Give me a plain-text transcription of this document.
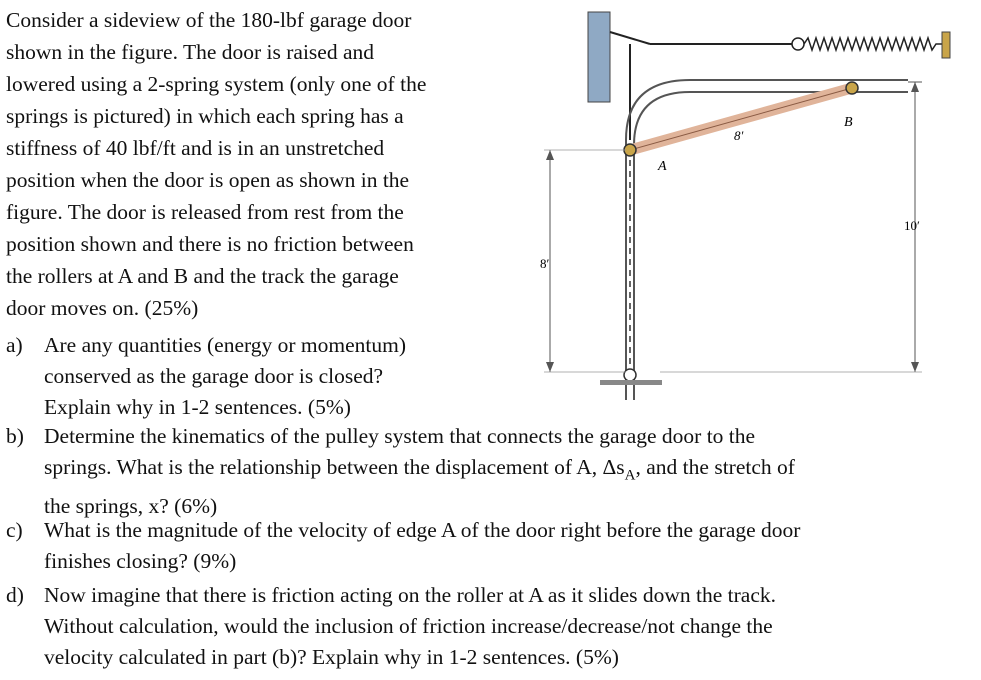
Consider a sideview of the 180-lbf garage door
shown in the figure. The door is raised and
lowered using a 2-spring system (only one of the
springs is pictured) in which each spring has a
stiffness of 40 lbf/ft and is in an unstretched
position when the door is open as shown in the
figure. The door is released from rest from the
position shown and there is no friction between
the rollers at A and B and the track the garage
door moves on. (25%)
a) Are any quantities (energy or momentum)
conserved as the garage door is closed?
Explain why in 1-2 sentences. (5%)
b) Determine the kinematics of the pulley system that connects the garage door to the
springs. What is the relationship between the displacement of A, $\Delta s_A$, and the stretch of
the springs, x? (6%)
c) What is the magnitude of the velocity of edge A of the door right before the garage door
finishes closing? (9%)
d) Now imagine that there is friction acting on the roller at A as it slides down the track.
Without calculation, would the inclusion of friction increase/decrease/not change the
velocity calculated in part (b)? Explain why in 1-2 sentences. (5%)
A
B
8′
8′
10′
